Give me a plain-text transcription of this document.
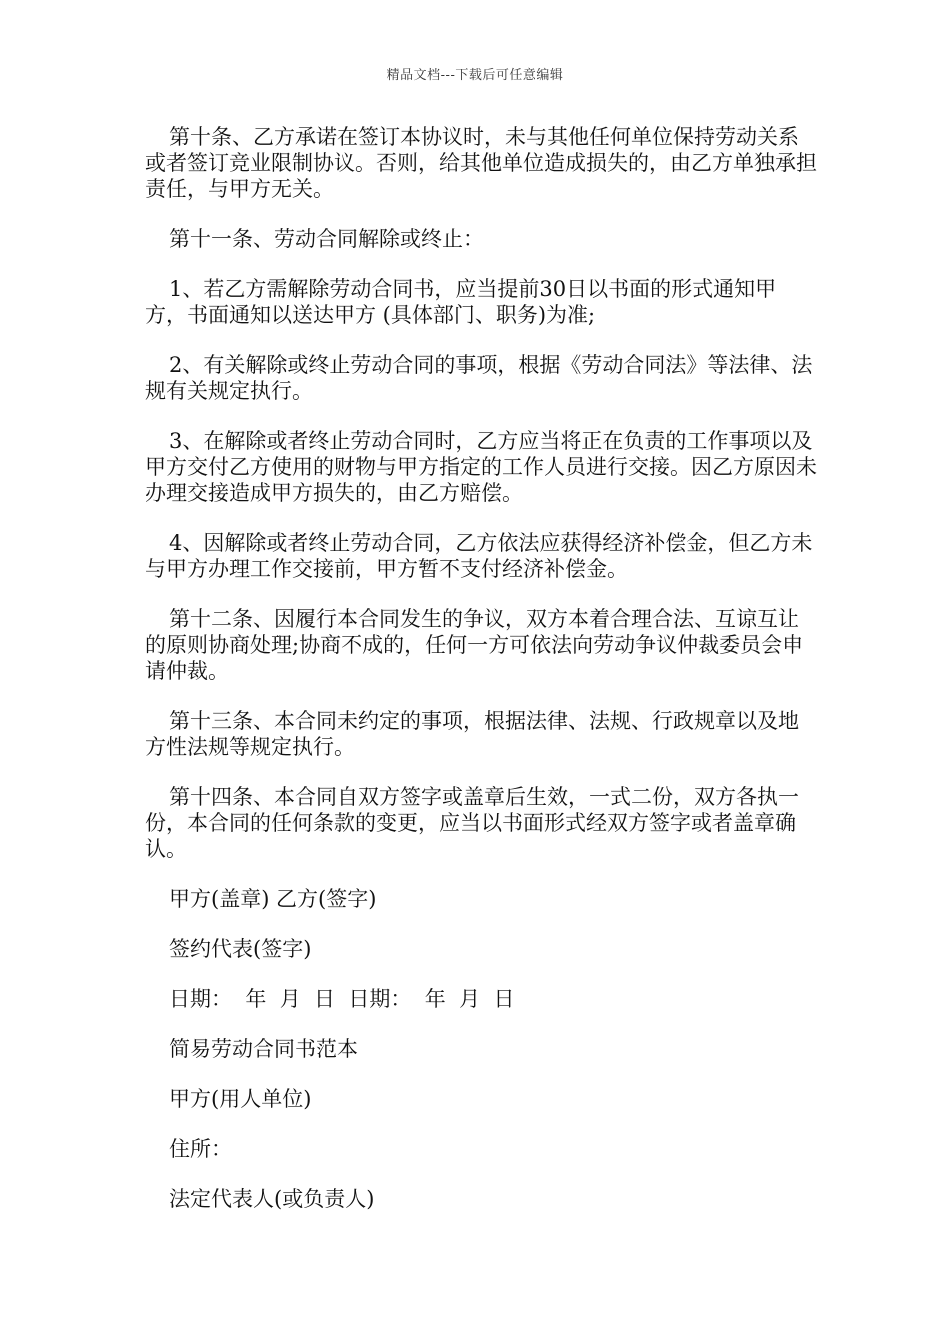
精品文档---下载后可任意编辑

第十条、乙方承诺在签订本协议时，未与其他任何单位保持劳动关系或者签订竞业限制协议。否则，给其他单位造成损失的，由乙方单独承担责任，与甲方无关。

第十一条、劳动合同解除或终止：

1、若乙方需解除劳动合同书，应当提前30日以书面的形式通知甲方，书面通知以送达甲方 (具体部门、职务)为准;

2、有关解除或终止劳动合同的事项，根据《劳动合同法》等法律、法规有关规定执行。

3、在解除或者终止劳动合同时，乙方应当将正在负责的工作事项以及甲方交付乙方使用的财物与甲方指定的工作人员进行交接。因乙方原因未办理交接造成甲方损失的，由乙方赔偿。

4、因解除或者终止劳动合同，乙方依法应获得经济补偿金，但乙方未与甲方办理工作交接前，甲方暂不支付经济补偿金。

第十二条、因履行本合同发生的争议，双方本着合理合法、互谅互让的原则协商处理;协商不成的，任何一方可依法向劳动争议仲裁委员会申请仲裁。

第十三条、本合同未约定的事项，根据法律、法规、行政规章以及地方性法规等规定执行。

第十四条、本合同自双方签字或盖章后生效，一式二份，双方各执一份，本合同的任何条款的变更，应当以书面形式经双方签字或者盖章确认。

甲方(盖章) 乙方(签字)

签约代表(签字)

日期：  年  月  日  日期：  年  月  日

简易劳动合同书范本

甲方(用人单位)

住所：

法定代表人(或负责人)
